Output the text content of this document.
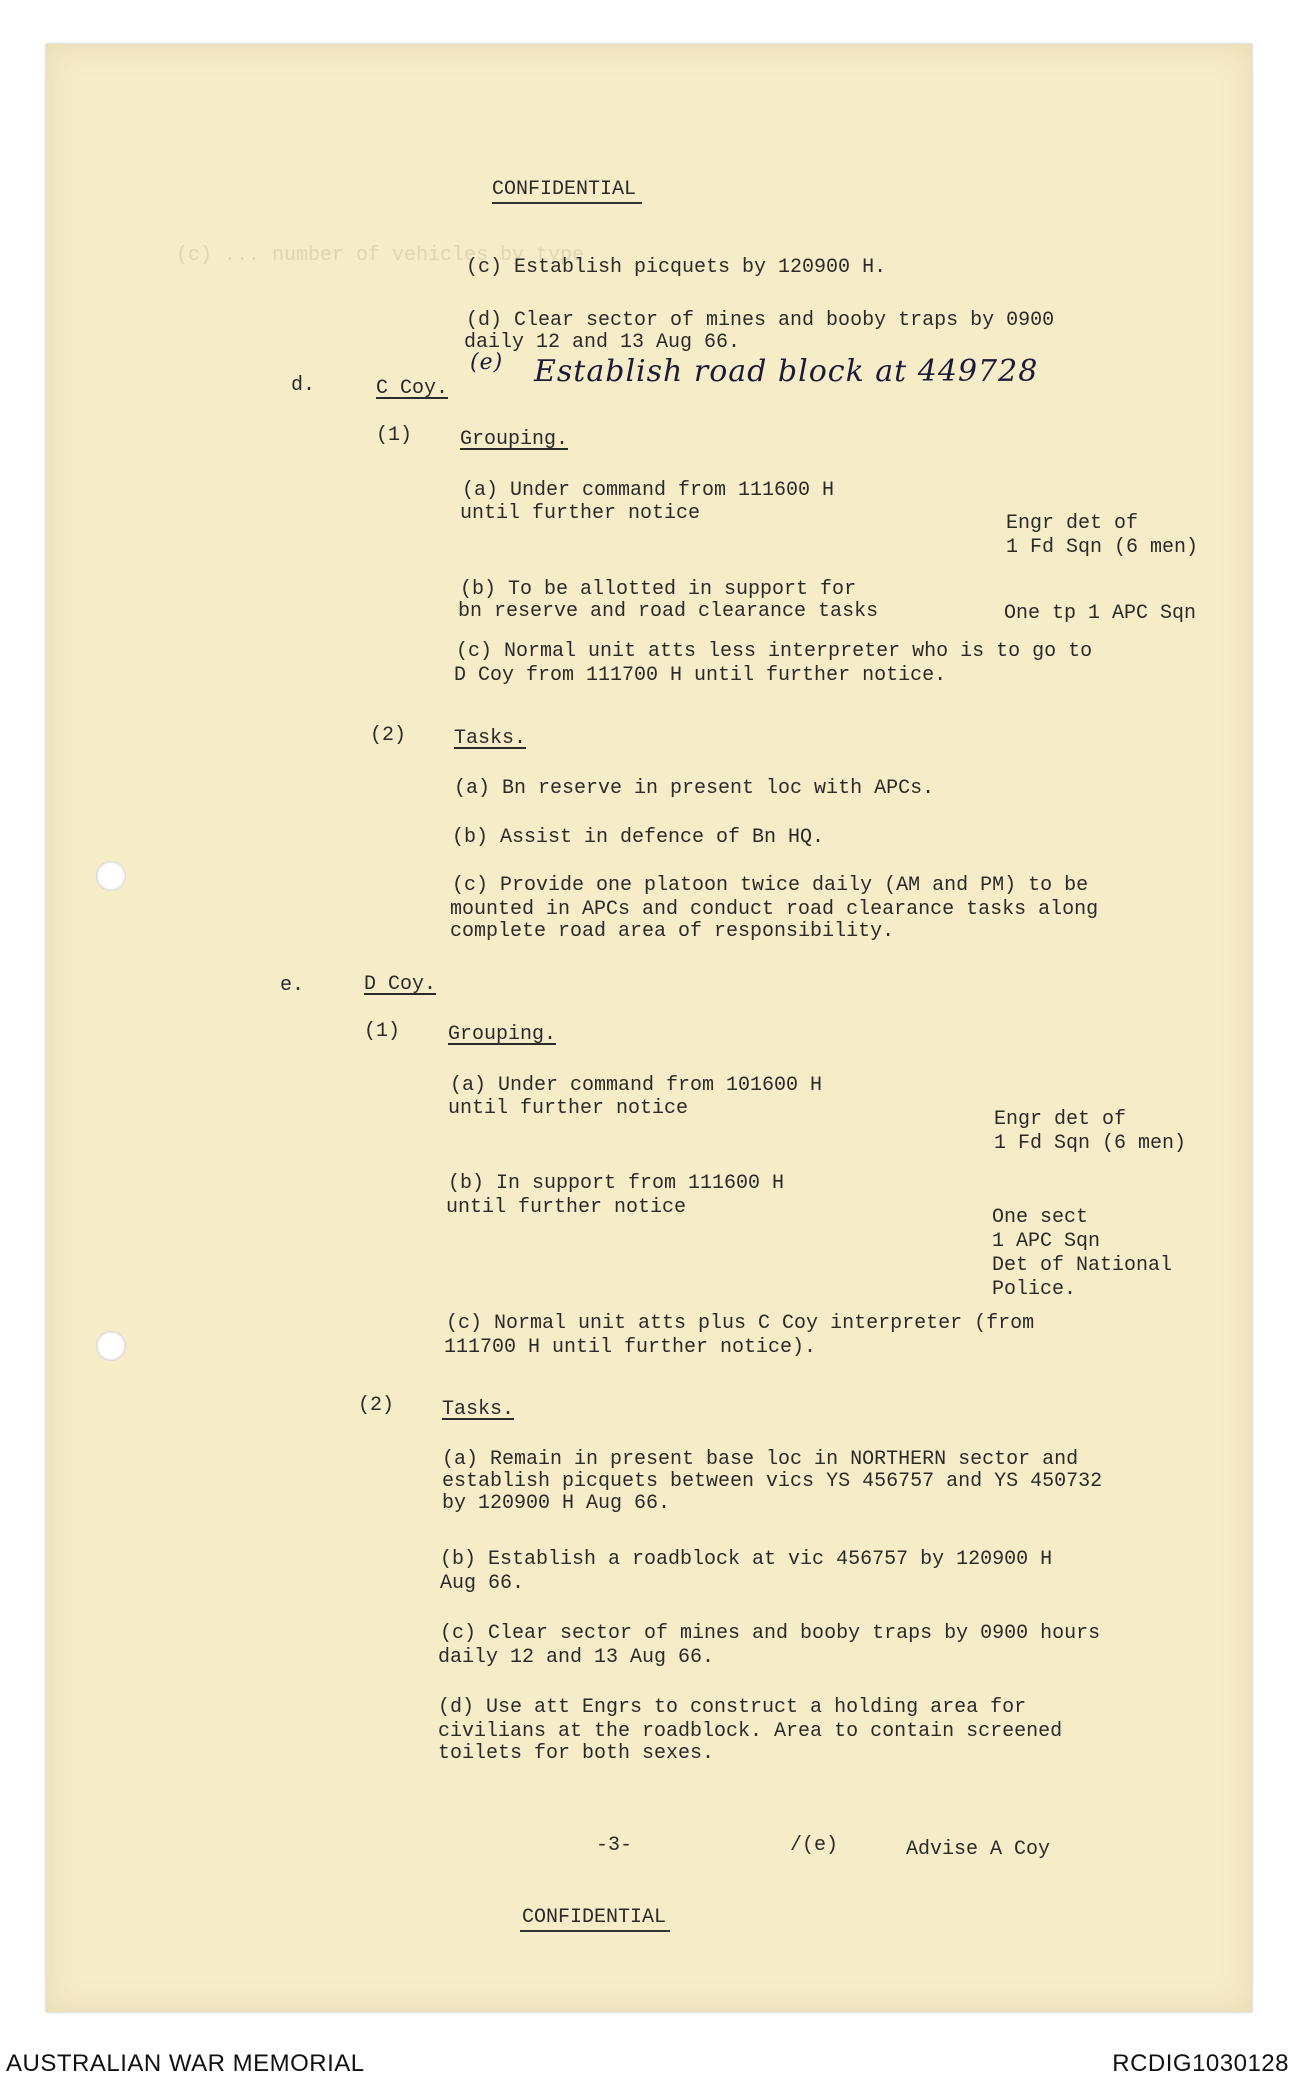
(c) ... number of vehicles by type
CONFIDENTIAL
(c) Establish picquets by 120900 H.
(d) Clear sector of mines and booby traps by 0900
daily 12 and 13 Aug 66.
(e) Establish road block at 449728
d.	C Coy.
(1) Grouping.
(a) Under command from 111600 H
until further notice	Engr det of
1 Fd Sqn (6 men)
(b) To be allotted in support for
bn reserve and road clearance tasks	One tp 1 APC Sqn
(c) Normal unit atts less interpreter who is to go to
D Coy from 111700 H until further notice.
(2) Tasks.
(a) Bn reserve in present loc with APCs.
(b) Assist in defence of Bn HQ.
(c) Provide one platoon twice daily (AM and PM) to be
mounted in APCs and conduct road clearance tasks along
complete road area of responsibility.
e.	D Coy.
(1) Grouping.
(a) Under command from 101600 H
until further notice	Engr det of
1 Fd Sqn (6 men)
(b) In support from 111600 H
until further notice	One sect
1 APC Sqn
Det of National
Police.
(c) Normal unit atts plus C Coy interpreter (from
111700 H until further notice).
(2) Tasks.
(a) Remain in present base loc in NORTHERN sector and
establish picquets between vics YS 456757 and YS 450732
by 120900 H Aug 66.
(b) Establish a roadblock at vic 456757 by 120900 H
Aug 66.
(c) Clear sector of mines and booby traps by 0900 hours
daily 12 and 13 Aug 66.
(d) Use att Engrs to construct a holding area for
civilians at the roadblock. Area to contain screened
toilets for both sexes.
-3-	/(e)	Advise A Coy
CONFIDENTIAL
AUSTRALIAN WAR MEMORIAL	RCDIG1030128
